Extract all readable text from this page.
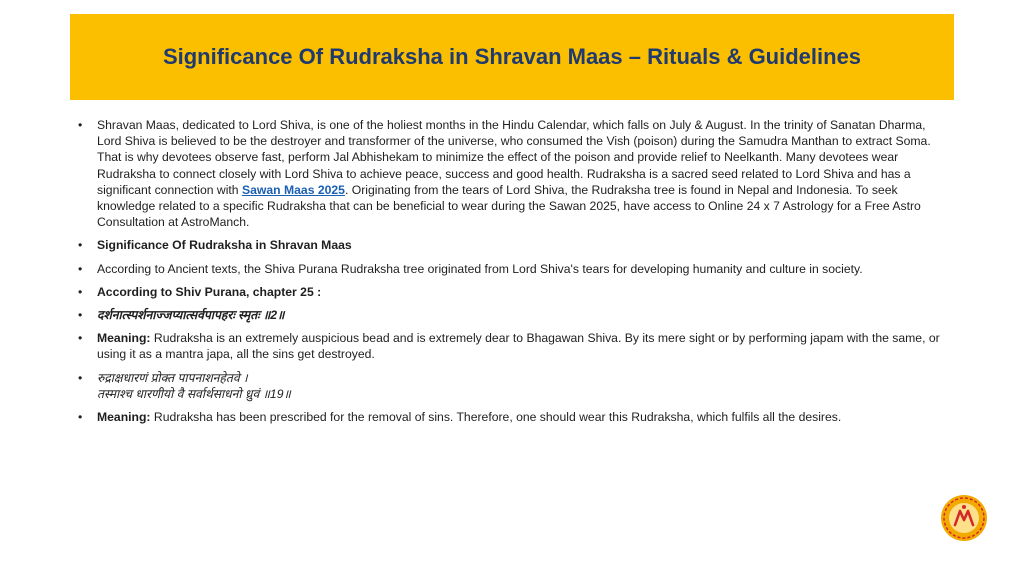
Significance Of Rudraksha in Shravan Maas – Rituals & Guidelines
•	Shravan Maas, dedicated to Lord Shiva, is one of the holiest months in the Hindu Calendar, which falls on July & August. In the trinity of Sanatan Dharma, Lord Shiva is believed to be the destroyer and transformer of the universe, who consumed the Vish (poison) during the Samudra Manthan to extract Soma. That is why devotees observe fast, perform Jal Abhishekam to minimize the effect of the poison and provide relief to Neelkanth. Many devotees wear Rudraksha to connect closely with Lord Shiva to achieve peace, success and good health. Rudraksha is a sacred seed related to Lord Shiva and has a significant connection with Sawan Maas 2025. Originating from the tears of Lord Shiva, the Rudraksha tree is found in Nepal and Indonesia. To seek knowledge related to a specific Rudraksha that can be beneficial to wear during the Sawan 2025, have access to Online 24 x 7 Astrology for a Free Astro Consultation at AstroManch.
•	Significance Of Rudraksha in Shravan Maas
•	According to Ancient texts, the Shiva Purana Rudraksha tree originated from Lord Shiva's tears for developing humanity and culture in society.
•	According to Shiv Purana, chapter 25 :
•	दर्शनात्स्पर्शनाज्जप्यात्सर्वपापहरः स्मृतः ॥2॥
•	Meaning: Rudraksha is an extremely auspicious bead and is extremely dear to Bhagawan Shiva. By its mere sight or by performing japam with the same, or using it as a mantra japa, all the sins get destroyed.
•	रुद्राक्षधारणं प्रोक्त पापनाशनहेतवे ।
तस्माश्च धारणीयो वै सर्वार्थसाधनो ध्रुवं ॥19॥
•	Meaning: Rudraksha has been prescribed for the removal of sins. Therefore, one should wear this Rudraksha, which fulfils all the desires.
